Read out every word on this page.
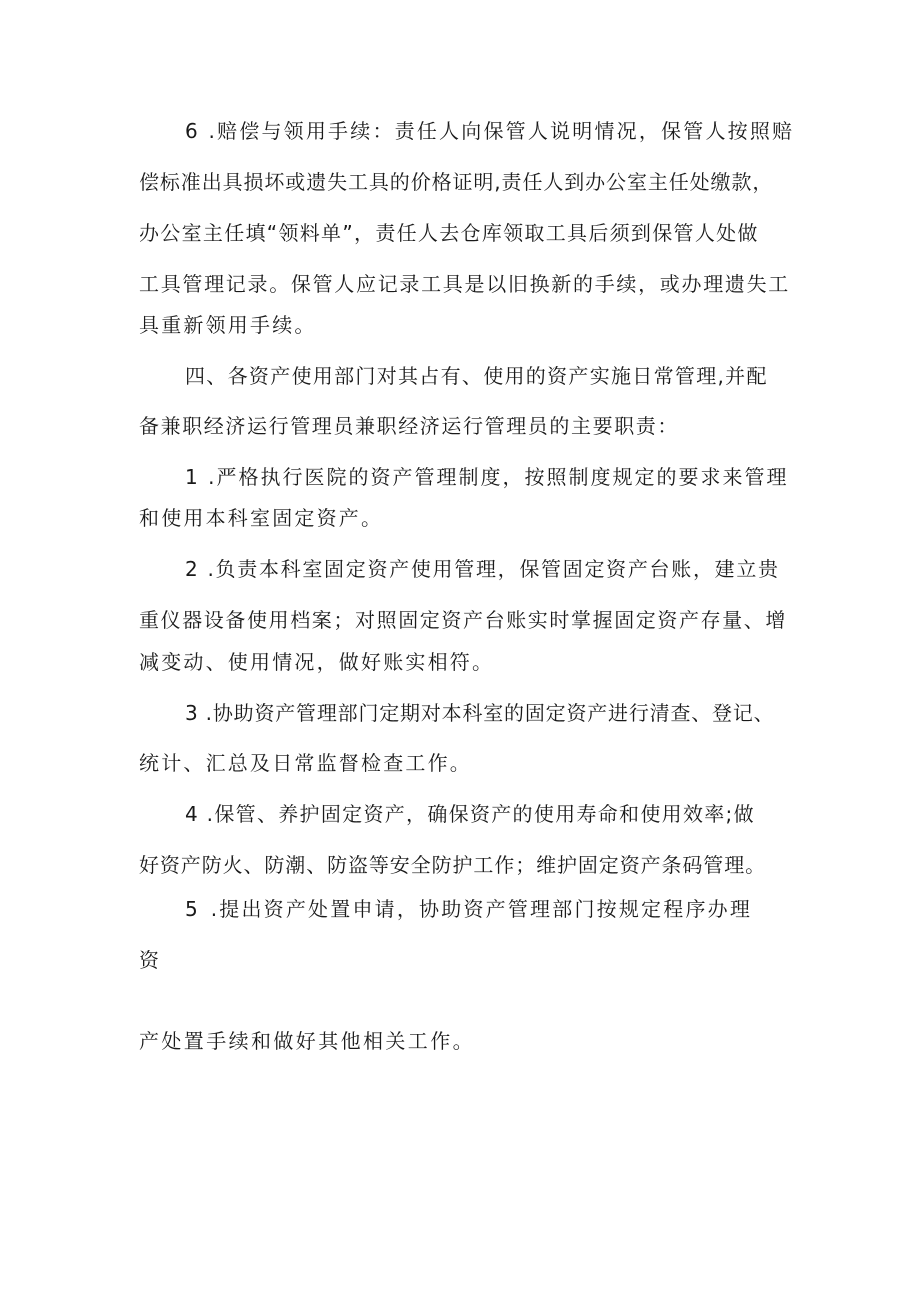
6 .赔偿与领用手续：责任人向保管人说明情况，保管人按照赔
偿标准出具损坏或遗失工具的价格证明,责任人到办公室主任处缴款，
办公室主任填“领料单”，责任人去仓库领取工具后须到保管人处做
工具管理记录。保管人应记录工具是以旧换新的手续，或办理遗失工
具重新领用手续。
四、各资产使用部门对其占有、使用的资产实施日常管理,并配
备兼职经济运行管理员兼职经济运行管理员的主要职责：
1 .严格执行医院的资产管理制度，按照制度规定的要求来管理
和使用本科室固定资产。
2 .负责本科室固定资产使用管理，保管固定资产台账，建立贵
重仪器设备使用档案；对照固定资产台账实时掌握固定资产存量、增
减变动、使用情况，做好账实相符。
3 .协助资产管理部门定期对本科室的固定资产进行清查、登记、
统计、汇总及日常监督检查工作。
4 .保管、养护固定资产，确保资产的使用寿命和使用效率;做
好资产防火、防潮、防盗等安全防护工作；维护固定资产条码管理。
5	.提出资产处置申请，协助资产管理部门按规定程序办理
资
产处置手续和做好其他相关工作。
